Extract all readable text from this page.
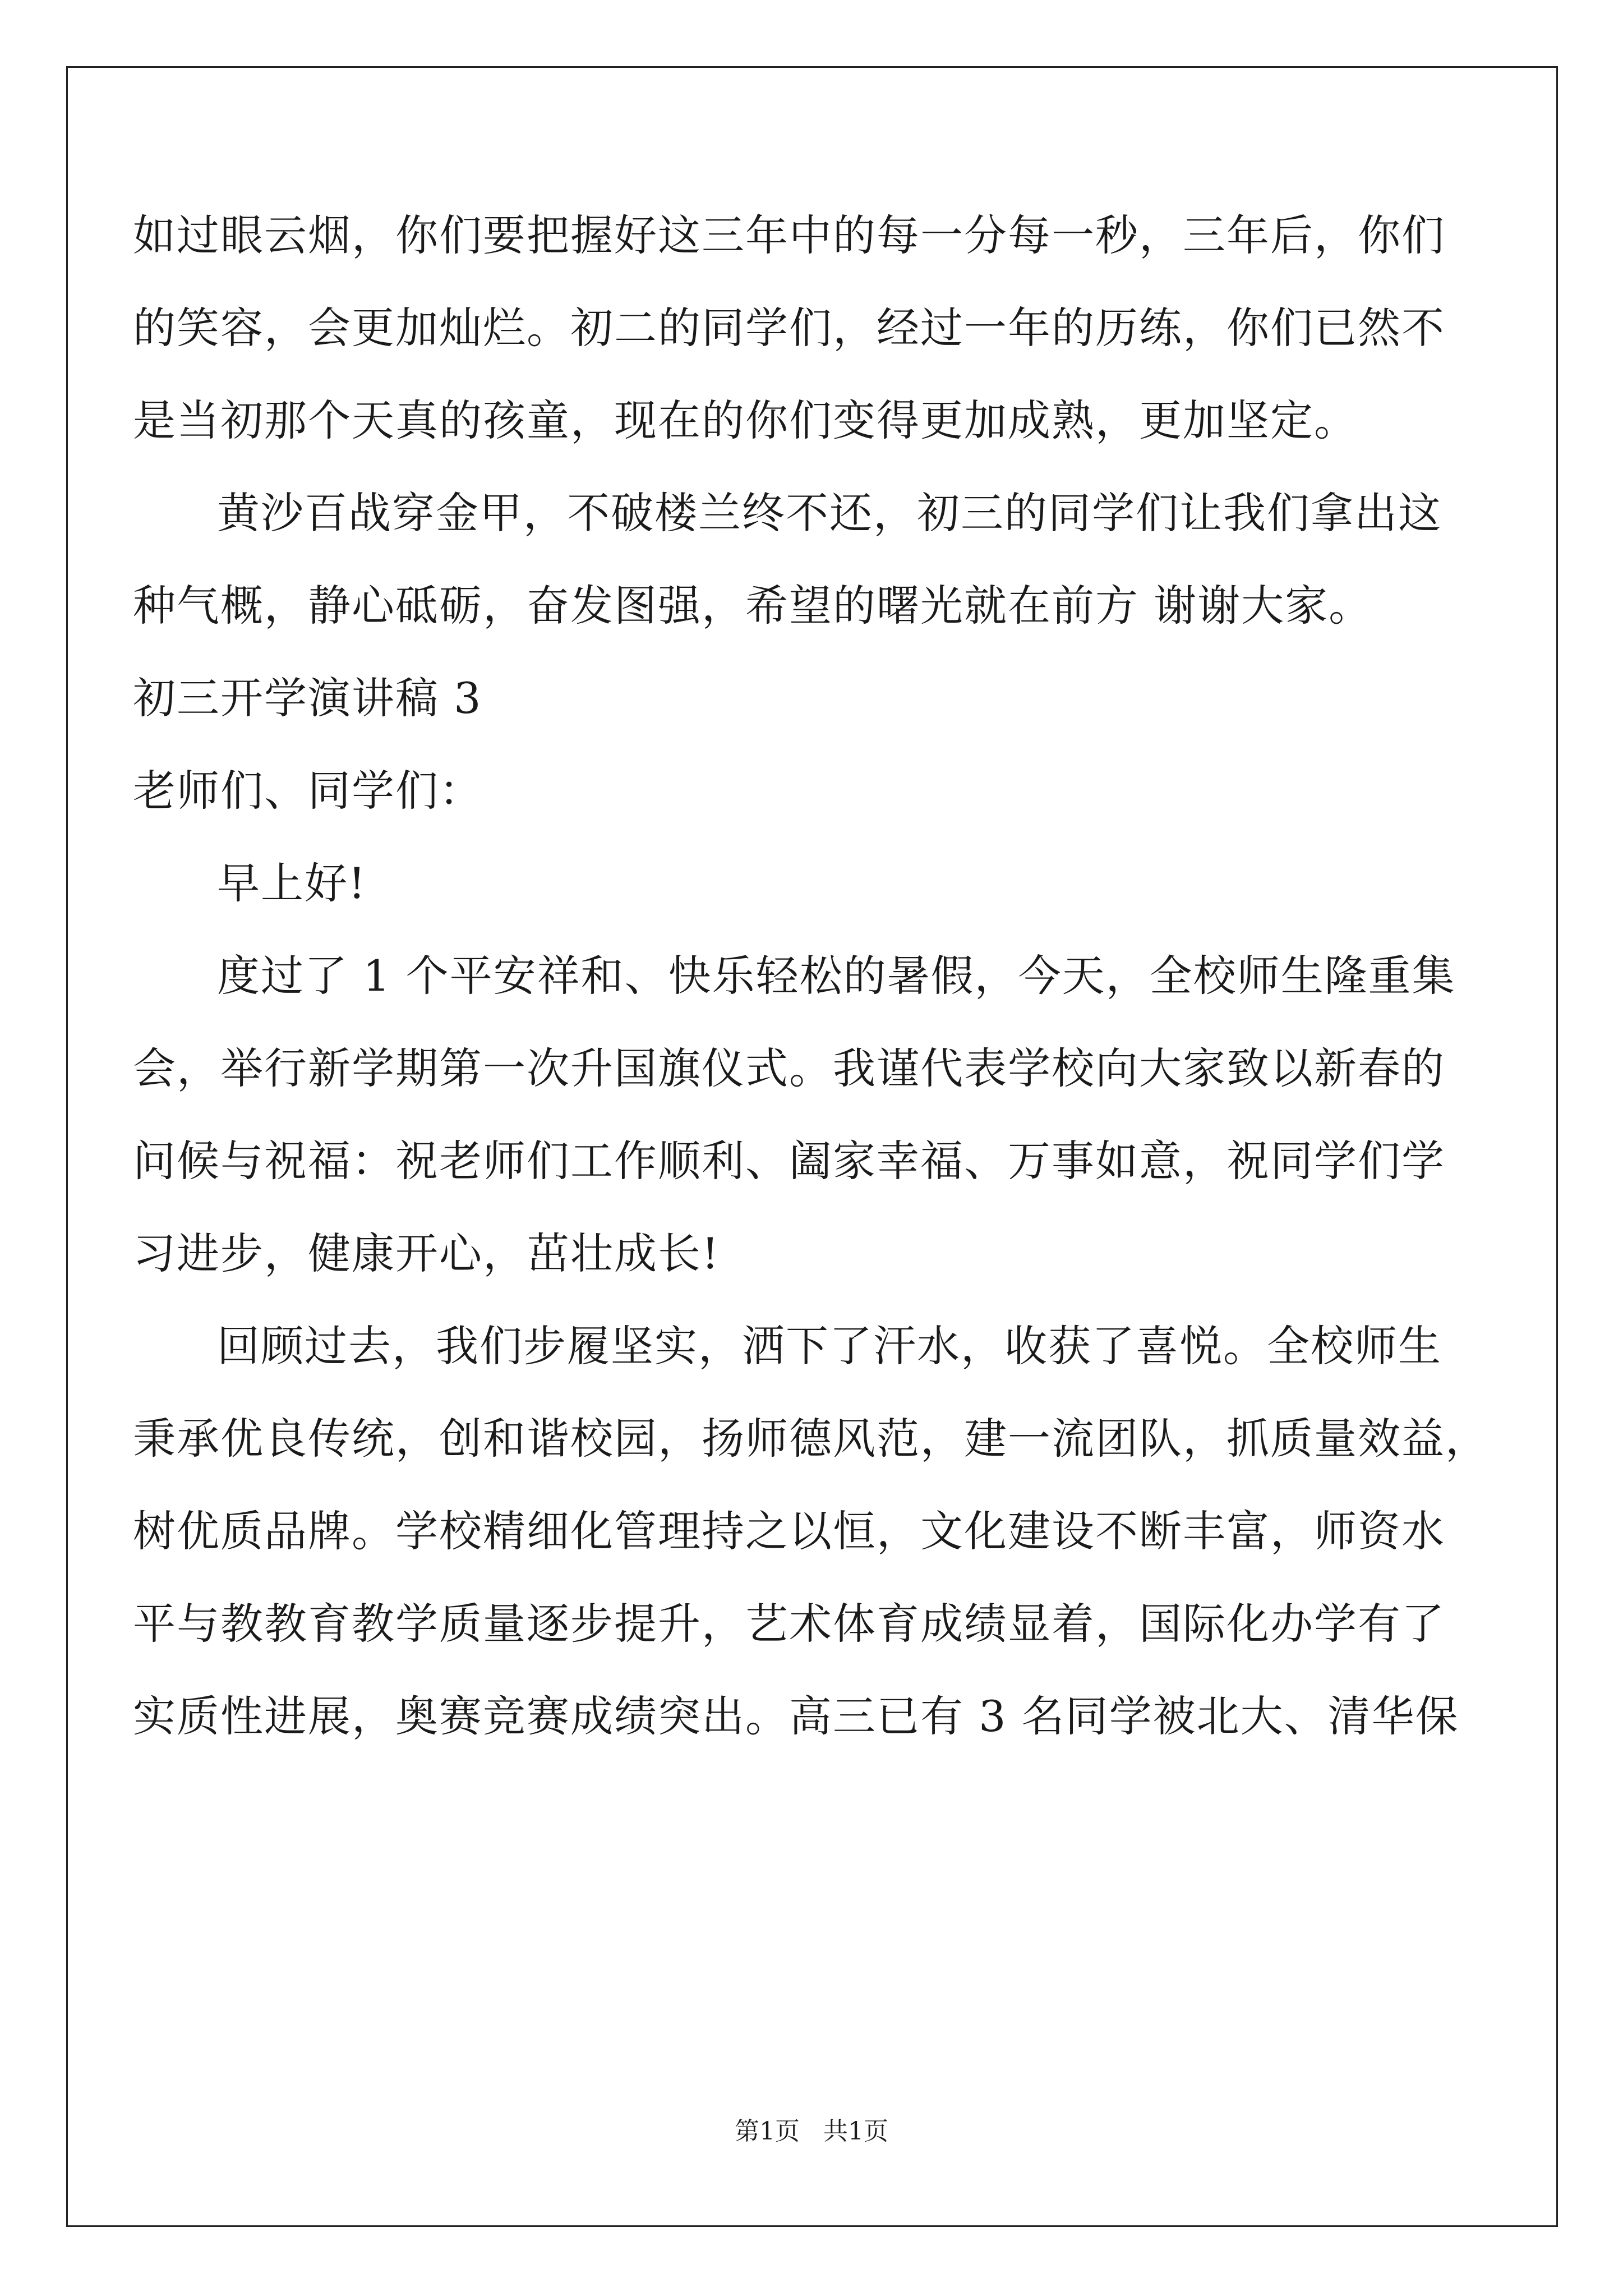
如过眼云烟，你们要把握好这三年中的每一分每一秒，三年后，你们
的笑容，会更加灿烂。初二的同学们，经过一年的历练，你们已然不
是当初那个天真的孩童，现在的你们变得更加成熟，更加坚定。
黄沙百战穿金甲，不破楼兰终不还，初三的同学们让我们拿出这
种气概，静心砥砺，奋发图强，希望的曙光就在前方 谢谢大家。
初三开学演讲稿 3
老师们、同学们：
早上好!
度过了 1 个平安祥和、快乐轻松的暑假，今天，全校师生隆重集
会，举行新学期第一次升国旗仪式。我谨代表学校向大家致以新春的
问候与祝福：祝老师们工作顺利、阖家幸福、万事如意，祝同学们学
习进步，健康开心，茁壮成长!
回顾过去，我们步履坚实，洒下了汗水，收获了喜悦。全校师生
秉承优良传统，创和谐校园，扬师德风范，建一流团队，抓质量效益，
树优质品牌。学校精细化管理持之以恒，文化建设不断丰富，师资水
平与教教育教学质量逐步提升，艺术体育成绩显着，国际化办学有了
实质性进展，奥赛竞赛成绩突出。高三已有 3 名同学被北大、清华保
第1页   共1页
